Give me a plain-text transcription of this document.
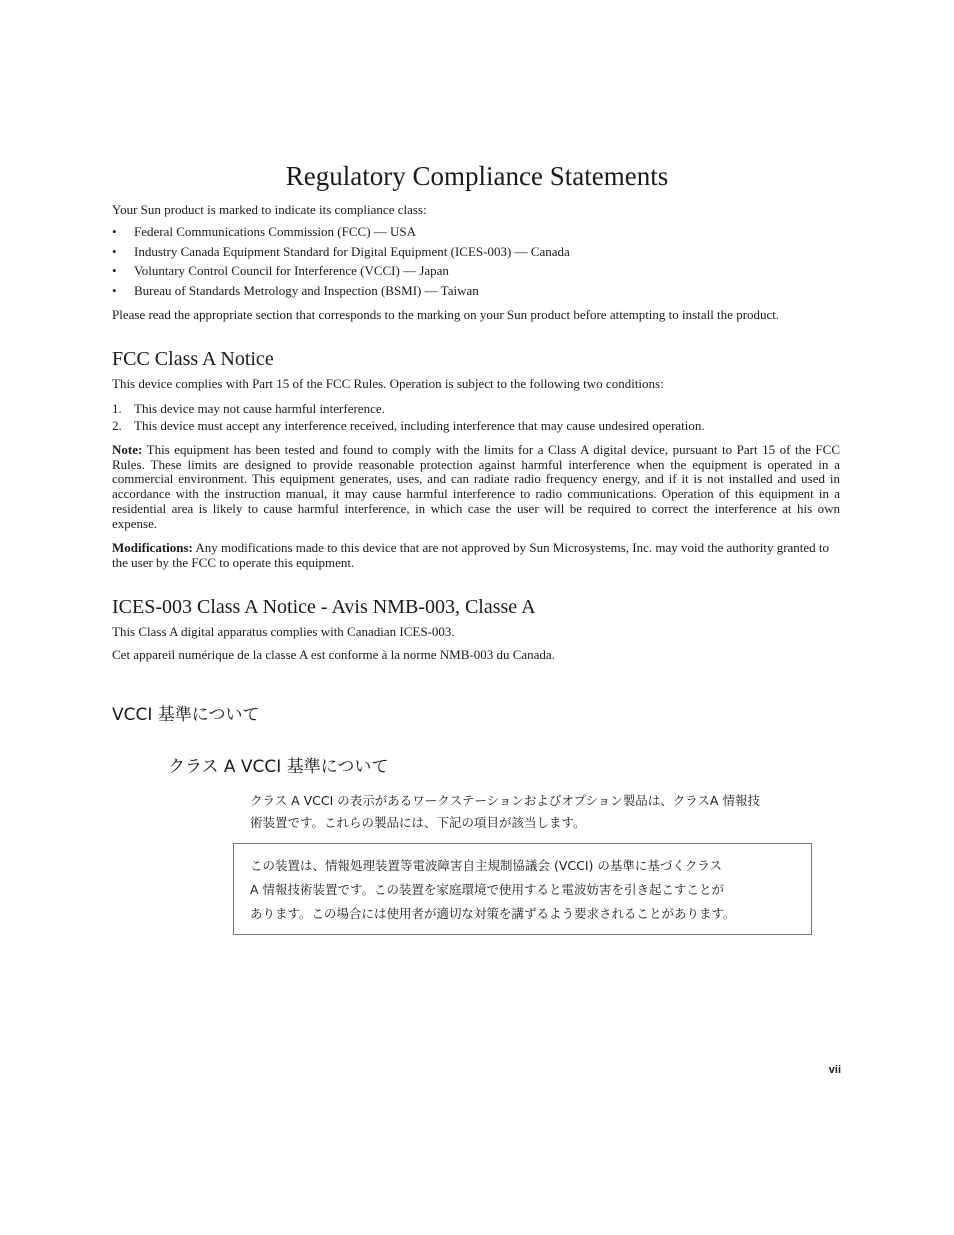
Regulatory Compliance Statements

Your Sun product is marked to indicate its compliance class:

• Federal Communications Commission (FCC) — USA
• Industry Canada Equipment Standard for Digital Equipment (ICES-003) — Canada
• Voluntary Control Council for Interference (VCCI) — Japan
• Bureau of Standards Metrology and Inspection (BSMI) — Taiwan

Please read the appropriate section that corresponds to the marking on your Sun product before attempting to install the product.

FCC Class A Notice

This device complies with Part 15 of the FCC Rules. Operation is subject to the following two conditions:

1. This device may not cause harmful interference.
2. This device must accept any interference received, including interference that may cause undesired operation.

Note: This equipment has been tested and found to comply with the limits for a Class A digital device, pursuant to Part 15 of the FCC Rules. These limits are designed to provide reasonable protection against harmful interference when the equipment is operated in a commercial environment. This equipment generates, uses, and can radiate radio frequency energy, and if it is not installed and used in accordance with the instruction manual, it may cause harmful interference to radio communications. Operation of this equipment in a residential area is likely to cause harmful interference, in which case the user will be required to correct the interference at his own expense.

Modifications: Any modifications made to this device that are not approved by Sun Microsystems, Inc. may void the authority granted to the user by the FCC to operate this equipment.

ICES-003 Class A Notice - Avis NMB-003, Classe A

This Class A digital apparatus complies with Canadian ICES-003.

Cet appareil numérique de la classe A est conforme à la norme NMB-003 du Canada.

VCCI 基準について
クラス A VCCI 基準について
クラス A VCCI の表示があるワークステーションおよびオプション製品は、クラスA 情報技
術装置です。これらの製品には、下記の項目が該当します。
この装置は、情報処理装置等電波障害自主規制協議会 (VCCI) の基準に基づくクラス
A 情報技術装置です。この装置を家庭環境で使用すると電波妨害を引き起こすことが
あります。この場合には使用者が適切な対策を講ずるよう要求されることがあります。
vii
